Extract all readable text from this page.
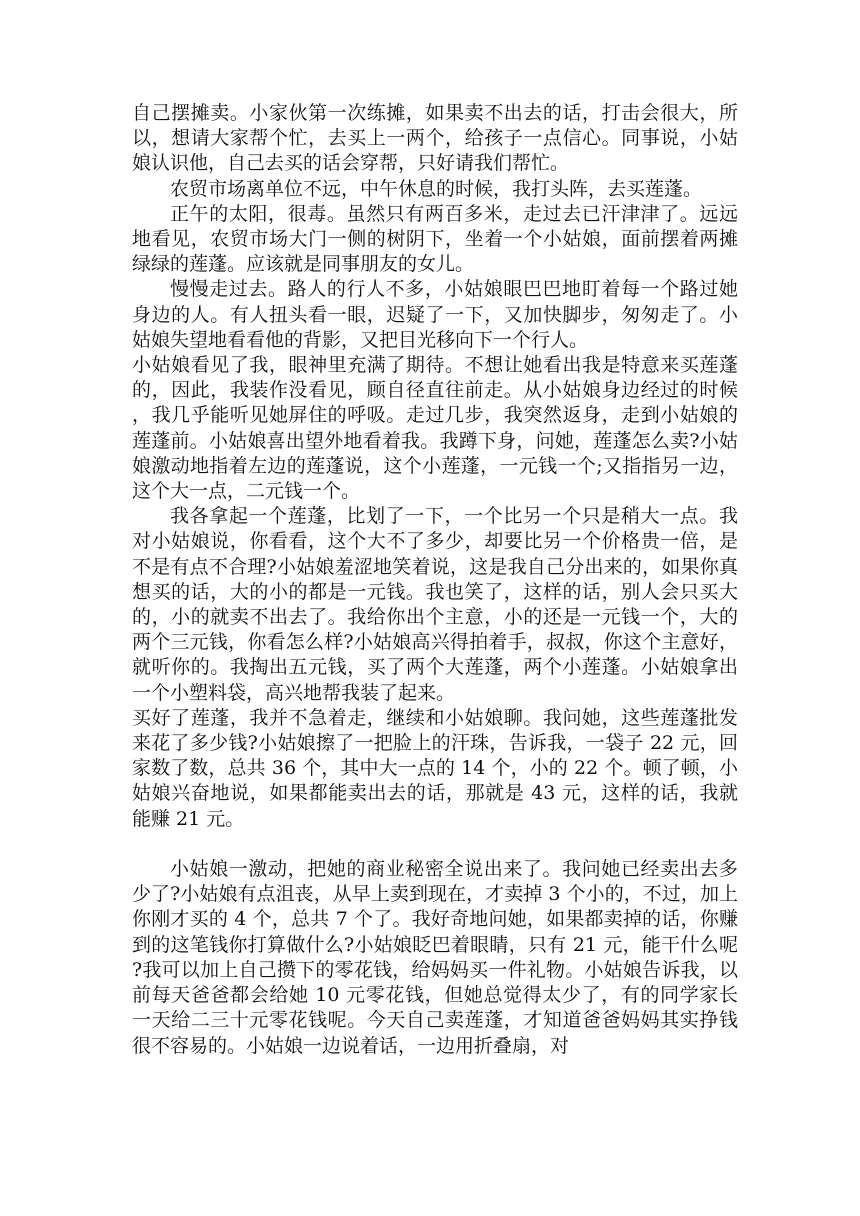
自己摆摊卖。小家伙第一次练摊，如果卖不出去的话，打击会很大，所以，想请大家帮个忙，去买上一两个，给孩子一点信心。同事说，小姑娘认识他，自己去买的话会穿帮，只好请我们帮忙。

农贸市场离单位不远，中午休息的时候，我打头阵，去买莲蓬。

正午的太阳，很毒。虽然只有两百多米，走过去已汗津津了。远远地看见，农贸市场大门一侧的树阴下，坐着一个小姑娘，面前摆着两摊绿绿的莲蓬。应该就是同事朋友的女儿。

慢慢走过去。路人的行人不多，小姑娘眼巴巴地盯着每一个路过她身边的人。有人扭头看一眼，迟疑了一下，又加快脚步，匆匆走了。小姑娘失望地看看他的背影，又把目光移向下一个行人。

小姑娘看见了我，眼神里充满了期待。不想让她看出我是特意来买莲蓬的，因此，我装作没看见，顾自径直往前走。从小姑娘身边经过的时候，我几乎能听见她屏住的呼吸。走过几步，我突然返身，走到小姑娘的莲蓬前。小姑娘喜出望外地看着我。我蹲下身，问她，莲蓬怎么卖?小姑娘激动地指着左边的莲蓬说，这个小莲蓬，一元钱一个;又指指另一边，这个大一点，二元钱一个。

我各拿起一个莲蓬，比划了一下，一个比另一个只是稍大一点。我对小姑娘说，你看看，这个大不了多少，却要比另一个价格贵一倍，是不是有点不合理?小姑娘羞涩地笑着说，这是我自己分出来的，如果你真想买的话，大的小的都是一元钱。我也笑了，这样的话，别人会只买大的，小的就卖不出去了。我给你出个主意，小的还是一元钱一个，大的两个三元钱，你看怎么样?小姑娘高兴得拍着手，叔叔，你这个主意好，就听你的。我掏出五元钱，买了两个大莲蓬，两个小莲蓬。小姑娘拿出一个小塑料袋，高兴地帮我装了起来。

买好了莲蓬，我并不急着走，继续和小姑娘聊。我问她，这些莲蓬批发来花了多少钱?小姑娘擦了一把脸上的汗珠，告诉我，一袋子 22 元，回家数了数，总共 36 个，其中大一点的 14 个，小的 22 个。顿了顿，小姑娘兴奋地说，如果都能卖出去的话，那就是 43 元，这样的话，我就能赚 21 元。

小姑娘一激动，把她的商业秘密全说出来了。我问她已经卖出去多少了?小姑娘有点沮丧，从早上卖到现在，才卖掉 3 个小的，不过，加上你刚才买的 4 个，总共 7 个了。我好奇地问她，如果都卖掉的话，你赚到的这笔钱你打算做什么?小姑娘眨巴着眼睛，只有 21 元，能干什么呢?我可以加上自己攒下的零花钱，给妈妈买一件礼物。小姑娘告诉我，以前每天爸爸都会给她 10 元零花钱，但她总觉得太少了，有的同学家长一天给二三十元零花钱呢。今天自己卖莲蓬，才知道爸爸妈妈其实挣钱很不容易的。小姑娘一边说着话，一边用折叠扇，对
